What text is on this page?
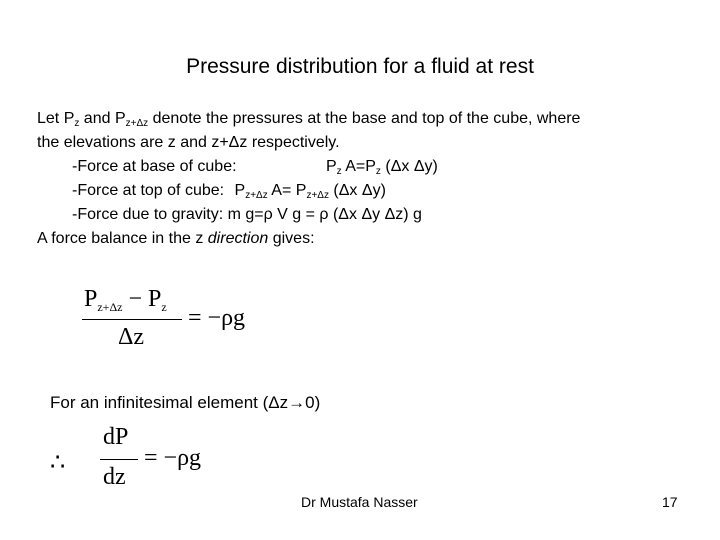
Pressure distribution for a fluid at rest
Let $P_z$ and $P_{z+\Delta z}$ denote the pressures at the base and top of the cube, where
the elevations are z and z+Δz respectively.
-Force at base of cube:	$P_z$ $A=P_z$ (Δx Δy)
-Force at top of cube: $P_{z+\Delta z}$ $A= P_{z+\Delta z}$ (Δx Δy)
-Force due to gravity: m g=ρ V g = ρ (Δx Δy Δz) g
A force balance in the z direction gives:
$P_{z+\Delta z} - P_z$
Δz
= −ρg
For an infinitesimal element (Δz→0)
∴
dP
dz
= −ρg
Dr Mustafa Nasser	17
